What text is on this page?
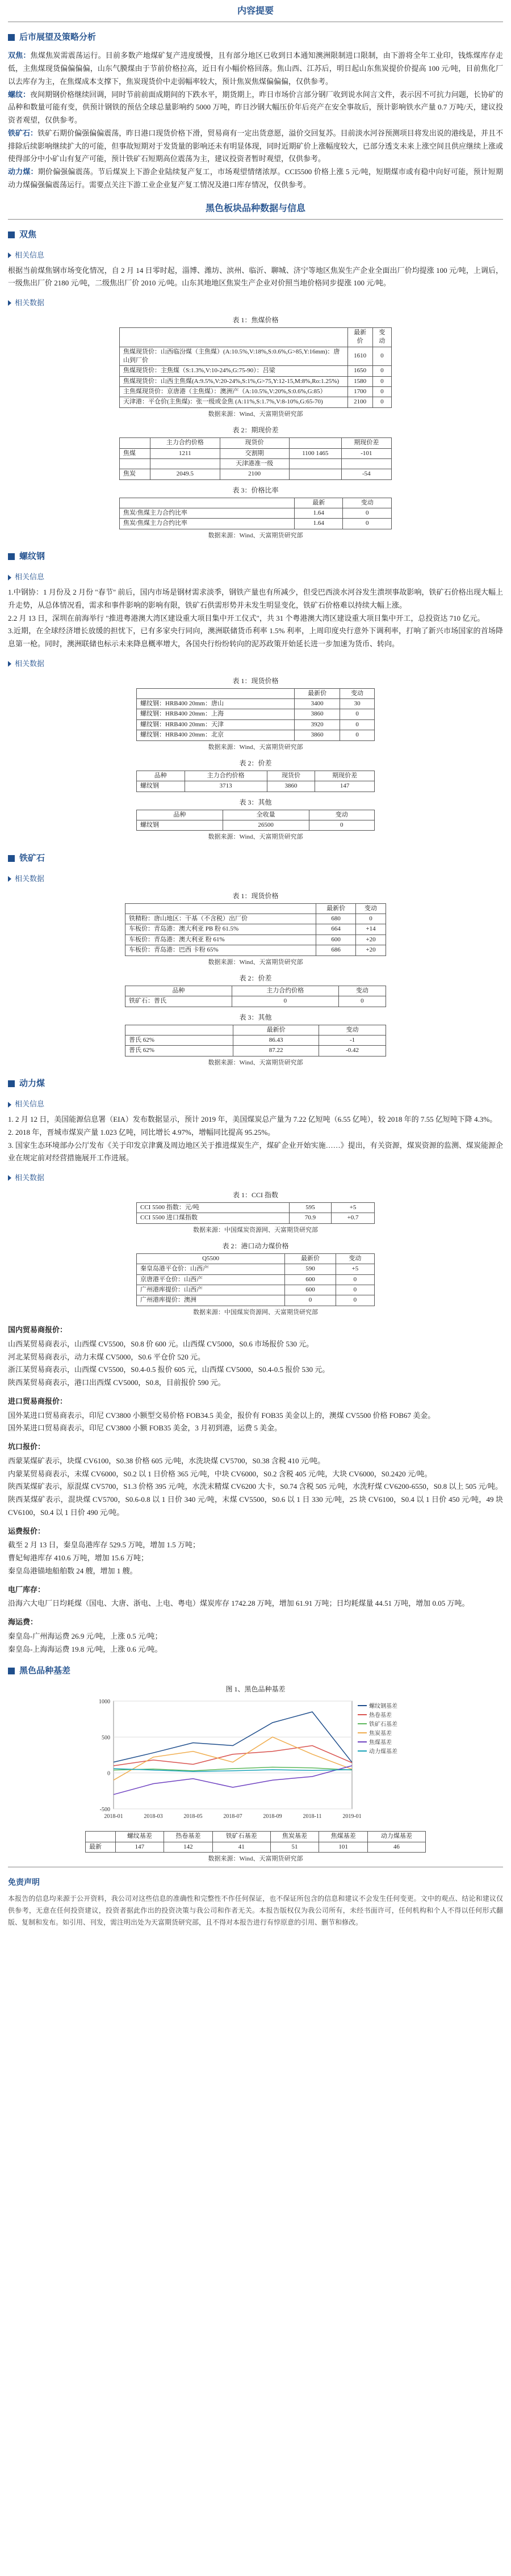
内容提要
后市展望及策略分析
双焦：焦煤焦炭需震荡运行。目前多数产地煤矿复产进度缓慢，且有部分地区已收到日本通知澳洲限制进口限制，由下游将全年工业印，钱炼煤库存走低，主焦煤现货偏偏偏偏，山东气膜煤由于节前价格拉高，近日有小幅价格回落。焦山西、江苏后，明日起山东焦炭提价价提高 100 元/吨，目前焦化厂以去库存为主，在焦煤成本支撑下，焦炭现货价中走弱幅率较大，预计焦炭焦煤偏偏偏，仅供参考。
螺纹：夜间期钢价格继续回调，同时节前前面成期间的下跌水平，期货期上，昨日市场价言部分钢厂收到说水间言文件，表示因不可抗力问题，长协矿的品种和数量可能有变，供预计钢铁的预估全球总量影响约 5000 万吨，昨日沙钢大幅压价年后亮产在安全事故后，预计影响铁水产量 0.7 万吨/天，建议投资者观望，仅供参考。
铁矿石：铁矿石期价偏强偏偏震荡，昨日港口现货价格下滑，贸易商有一定出货意愿，溢价交回复苏。目前淡水河谷预测项目将发出说的港线是，并且不排除后续影响继续扩大的可能，但事故短期对于发货量的影响还未有明显体现，同时近期矿价上涨幅度较大，已部分透支未来上涨空间且供应继续上涨或使得部分中小矿山有复产可能，预计铁矿石短期高位震荡为主，建议投资者暂时观望，仅供参考。
动力煤：期价偏强偏震荡。节后煤炭上下游企业陆续复产复工，市场观望情绪浓厚。CCI5500 价格上涨 5 元/吨，短期煤市或有稳中向好可能，预计短期动力煤偏强偏震荡运行。需要点关注下游工业企业复产复工情况及港口库存情况，仅供参考。
黑色板块品种数据与信息
双焦
相关信息
根据当前煤焦钢市场变化情况，自 2 月 14 日零时起，淄博、潍坊、滨州、临沂、聊城、济宁等地区焦炭生产企业全面出厂价均提涨 100 元/吨，上调后，一级焦出厂价 2180 元/吨，二级焦出厂价 2010 元/吨。山东其地地区焦炭生产企业对价照当地价格同步提涨 100 元/吨。
相关数据
表 1：焦煤价格
	最新价	变动
焦煤现货价：山西临汾煤（主焦煤）(A:10.5%,V:18%,S:0.6%,G>85,Y:16mm)：唐山到厂价	1610	0
焦煤现货价：主焦煤（S:1.3%,V:10-24%,G:75-90）：吕梁	1650	0
焦煤现货价：山西主焦煤(A:9.5%,V:20-24%,S:1%,G>75,Y:12-15,M:8%,Ro:1.25%)	1580	0
主焦煤现货价：京唐港（主焦煤）：澳洲产（A:10.5%,V:20%,S:0.6%,G:85）	1700	0
天津港：平仓价(主焦煤)：张一级或金焦 (A:11%,S:1.7%,V:8-10%,G:65-70)	2100	0
数据来源：Wind、天富期货研究部
表 2：期现价差
	主力合约价格	现货价		期现价差
焦煤	1211	交割期	1100 1465	-101
		天津港准一级		
焦炭	2049.5	2100		-54
表 3：价格比率
	最新	变动
焦炭/焦煤主力合约比率	1.64	0
焦炭/焦煤主力合约比率	1.64	0
数据来源：Wind、天富期货研究部
螺纹钢
相关信息
1.中钢协：1 月份及 2 月份 "春节" 前后，国内市场是钢材需求淡季，钢铁产量也有所减少，但受巴西淡水河谷发生溃坝事故影响，铁矿石价格出现大幅上升走势，从总体情况看，需求和事件影响的影响有限，铁矿石供需形势并未发生明显变化，铁矿石价格难以持续大幅上涨。
2.2 月 13 日，深圳在前海举行 "推进粤港澳大湾区建设重大项目集中开工仪式"，共 31 个粤港澳大湾区建设重大项目集中开工，总投资达 710 亿元。
3.近期，在全球经济增长放缓的担忧下，已有多家央行同向，澳洲联储货币利率 1.5% 利率，上周印度央行意外下调利率，打响了新兴市场国家的首场降息第一枪。同时，澳洲联储也标示未来降息概率增大，各国央行纷纷转向的泥苏政策开始延长进一步加速为货币、转向。
相关数据
表 1：现货价格
	最新价	变动
螺纹钢：HRB400 20mm：唐山	3400	30
螺纹钢：HRB400 20mm：上海	3860	0
螺纹钢：HRB400 20mm：天津	3920	0
螺纹钢：HRB400 20mm：北京	3860	0
数据来源：Wind、天富期货研究部
表 2：价差
品种	主力合约价格	现货价	期现价差
螺纹钢	3713	3860	147
表 3：其他
品种	全收量	变动
螺纹钢	26500	0
数据来源：Wind、天富期货研究部
铁矿石
相关数据
表 1：现货价格
	最新价	变动
铁精粉：唐山地区：干基（不含税）出厂价	680	0
车板价：青岛港：澳大利亚 PB 粉 61.5%	664	+14
车板价：青岛港：澳大利亚 粉 61%	600	+20
车板价：青岛港：巴西 卡粉 65%	686	+20
数据来源：Wind、天富期货研究部
表 2：价差
品种	主力合约价格	变动
铁矿石：普氏	0	0
表 3：其他
	最新价	变动
普氏 62%	86.43	-1
普氏 62%	87.22	-0.42
数据来源：Wind、天富期货研究部
动力煤
相关信息
1. 2 月 12 日，美国能源信息署（EIA）发布数据显示，预计 2019 年，美国煤炭总产量为 7.22 亿短吨（6.55 亿吨），较 2018 年的 7.55 亿短吨下降 4.3%。
2. 2018 年，晋城市煤炭产量 1.023 亿吨，同比增长 4.97%，增幅同比提高 95.25%。
3. 国家生态环境部办公厅发布《关于印发京津冀及周边地区关于推进煤炭生产，煤矿企业开始实施……》提出，有关资源，煤炭资源的监测、煤炭能源企业在规定前对经营措施展开工作进展。
相关数据
表 1：CCI 指数
CCI 5500 指数：元/吨	595	+5
CCI 5500 进口煤指数	70.9	+0.7
数据来源：中国煤炭资源网、天富期货研究部
表 2：港口动力煤价格
Q5500	最新价	变动
秦皇岛港平仓价：山西产	590	+5
京唐港平仓价：山西产	600	0
广州港库提价：山西产	600	0
广州港库提价：澳洲	0	0
数据来源：中国煤炭资源网、天富期货研究部
国内贸易商报价：
山西某贸易商表示，山西煤 CV5500，S0.8 价 600 元。山西煤 CV5000，S0.6 市场报价 530 元。
河北某贸易商表示，动力末煤 CV5000，S0.6 平仓价 520 元。
浙江某贸易商表示，山西煤 CV5500，S0.4-0.5 报价 605 元，山西煤 CV5000，S0.4-0.5 报价 530 元。
陕西某贸易商表示，港口出西煤 CV5000，S0.8，目前报价 590 元。
进口贸易商报价：
国外某进口贸易商表示，印尼 CV3800 小额型交易价格 FOB34.5 美金，报价有 FOB35 美金以上的，澳煤 CV5500 价格 FOB67 美金。
国外某进口贸易商表示，印尼 CV3800 小额 FOB35 美金，3 月初到港，运费 5 美金。
坑口报价：
西蒙某煤矿表示，块煤 CV6100，S0.38 价格 605 元/吨，水洗块煤 CV5700，S0.38 含税 410 元/吨。
内蒙某贸易商表示，末煤 CV6000，S0.2 以 1 日价格 365 元/吨，中块 CV6000，S0.2 含税 405 元/吨，大块 CV6000，S0.2420 元/吨。
陕西某煤矿表示，原混煤 CV5700，S1.3 价格 395 元/吨，水洗末精煤 CV6200 大卡，S0.74 含税 505 元/吨，水洗籽煤 CV6200-6550，S0.8 以上 505 元/吨。
陕西某煤矿表示，混块煤 CV5700，S0.6-0.8 以 1 日价 340 元/吨，末煤 CV5500，S0.6 以 1 日 330 元/吨，25 块 CV6100，S0.4 以 1 日价 450 元/吨，49 块 CV6100，S0.4 以 1 日价 490 元/吨。
运费报价：
截至 2 月 13 日，秦皇岛港库存 529.5 万吨，增加 1.5 万吨；
曹妃甸港库存 410.6 万吨，增加 15.6 万吨；
秦皇岛港锚地船舶数 24 艘，增加 1 艘。
电厂库存：
沿海六大电厂日均耗煤（国电、大唐、浙电、上电、粤电）煤炭库存 1742.28 万吨，增加 61.91 万吨；日均耗煤量 44.51 万吨，增加 0.05 万吨。
海运费：
秦皇岛-广州海运费 26.9 元/吨，上涨 0.5 元/吨；
秦皇岛-上海海运费 19.8 元/吨，上涨 0.6 元/吨。
黑色品种基差
图 1、黑色品种基差
-500
0
500
1000
2018-01	2018-03	2018-05	2018-07	2018-09	2018-11	2019-01
螺纹钢基差
热卷基差
铁矿石基差
焦炭基差
焦煤基差
动力煤基差
	螺纹基差	热卷基差	铁矿石基差	焦炭基差	焦煤基差	动力煤基差
最新	147	142	41	51	101	46
数据来源：Wind、天富期货研究部
免责声明
本报告的信息均来源于公开资料，我公司对这些信息的准确性和完整性不作任何保证，也不保证所包含的信息和建议不会发生任何变更。文中的观点、结论和建议仅供参考，无意在任何投资建议，投资者据此作出的投资决策与我公司和作者无关。本报告版权仅为我公司所有，未经书面许可，任何机构和个人不得以任何形式翻版、复制和发布。如引用、刊发，需注明出处为天富期货研究部，且不得对本报告进行有悖原意的引用、删节和修改。
